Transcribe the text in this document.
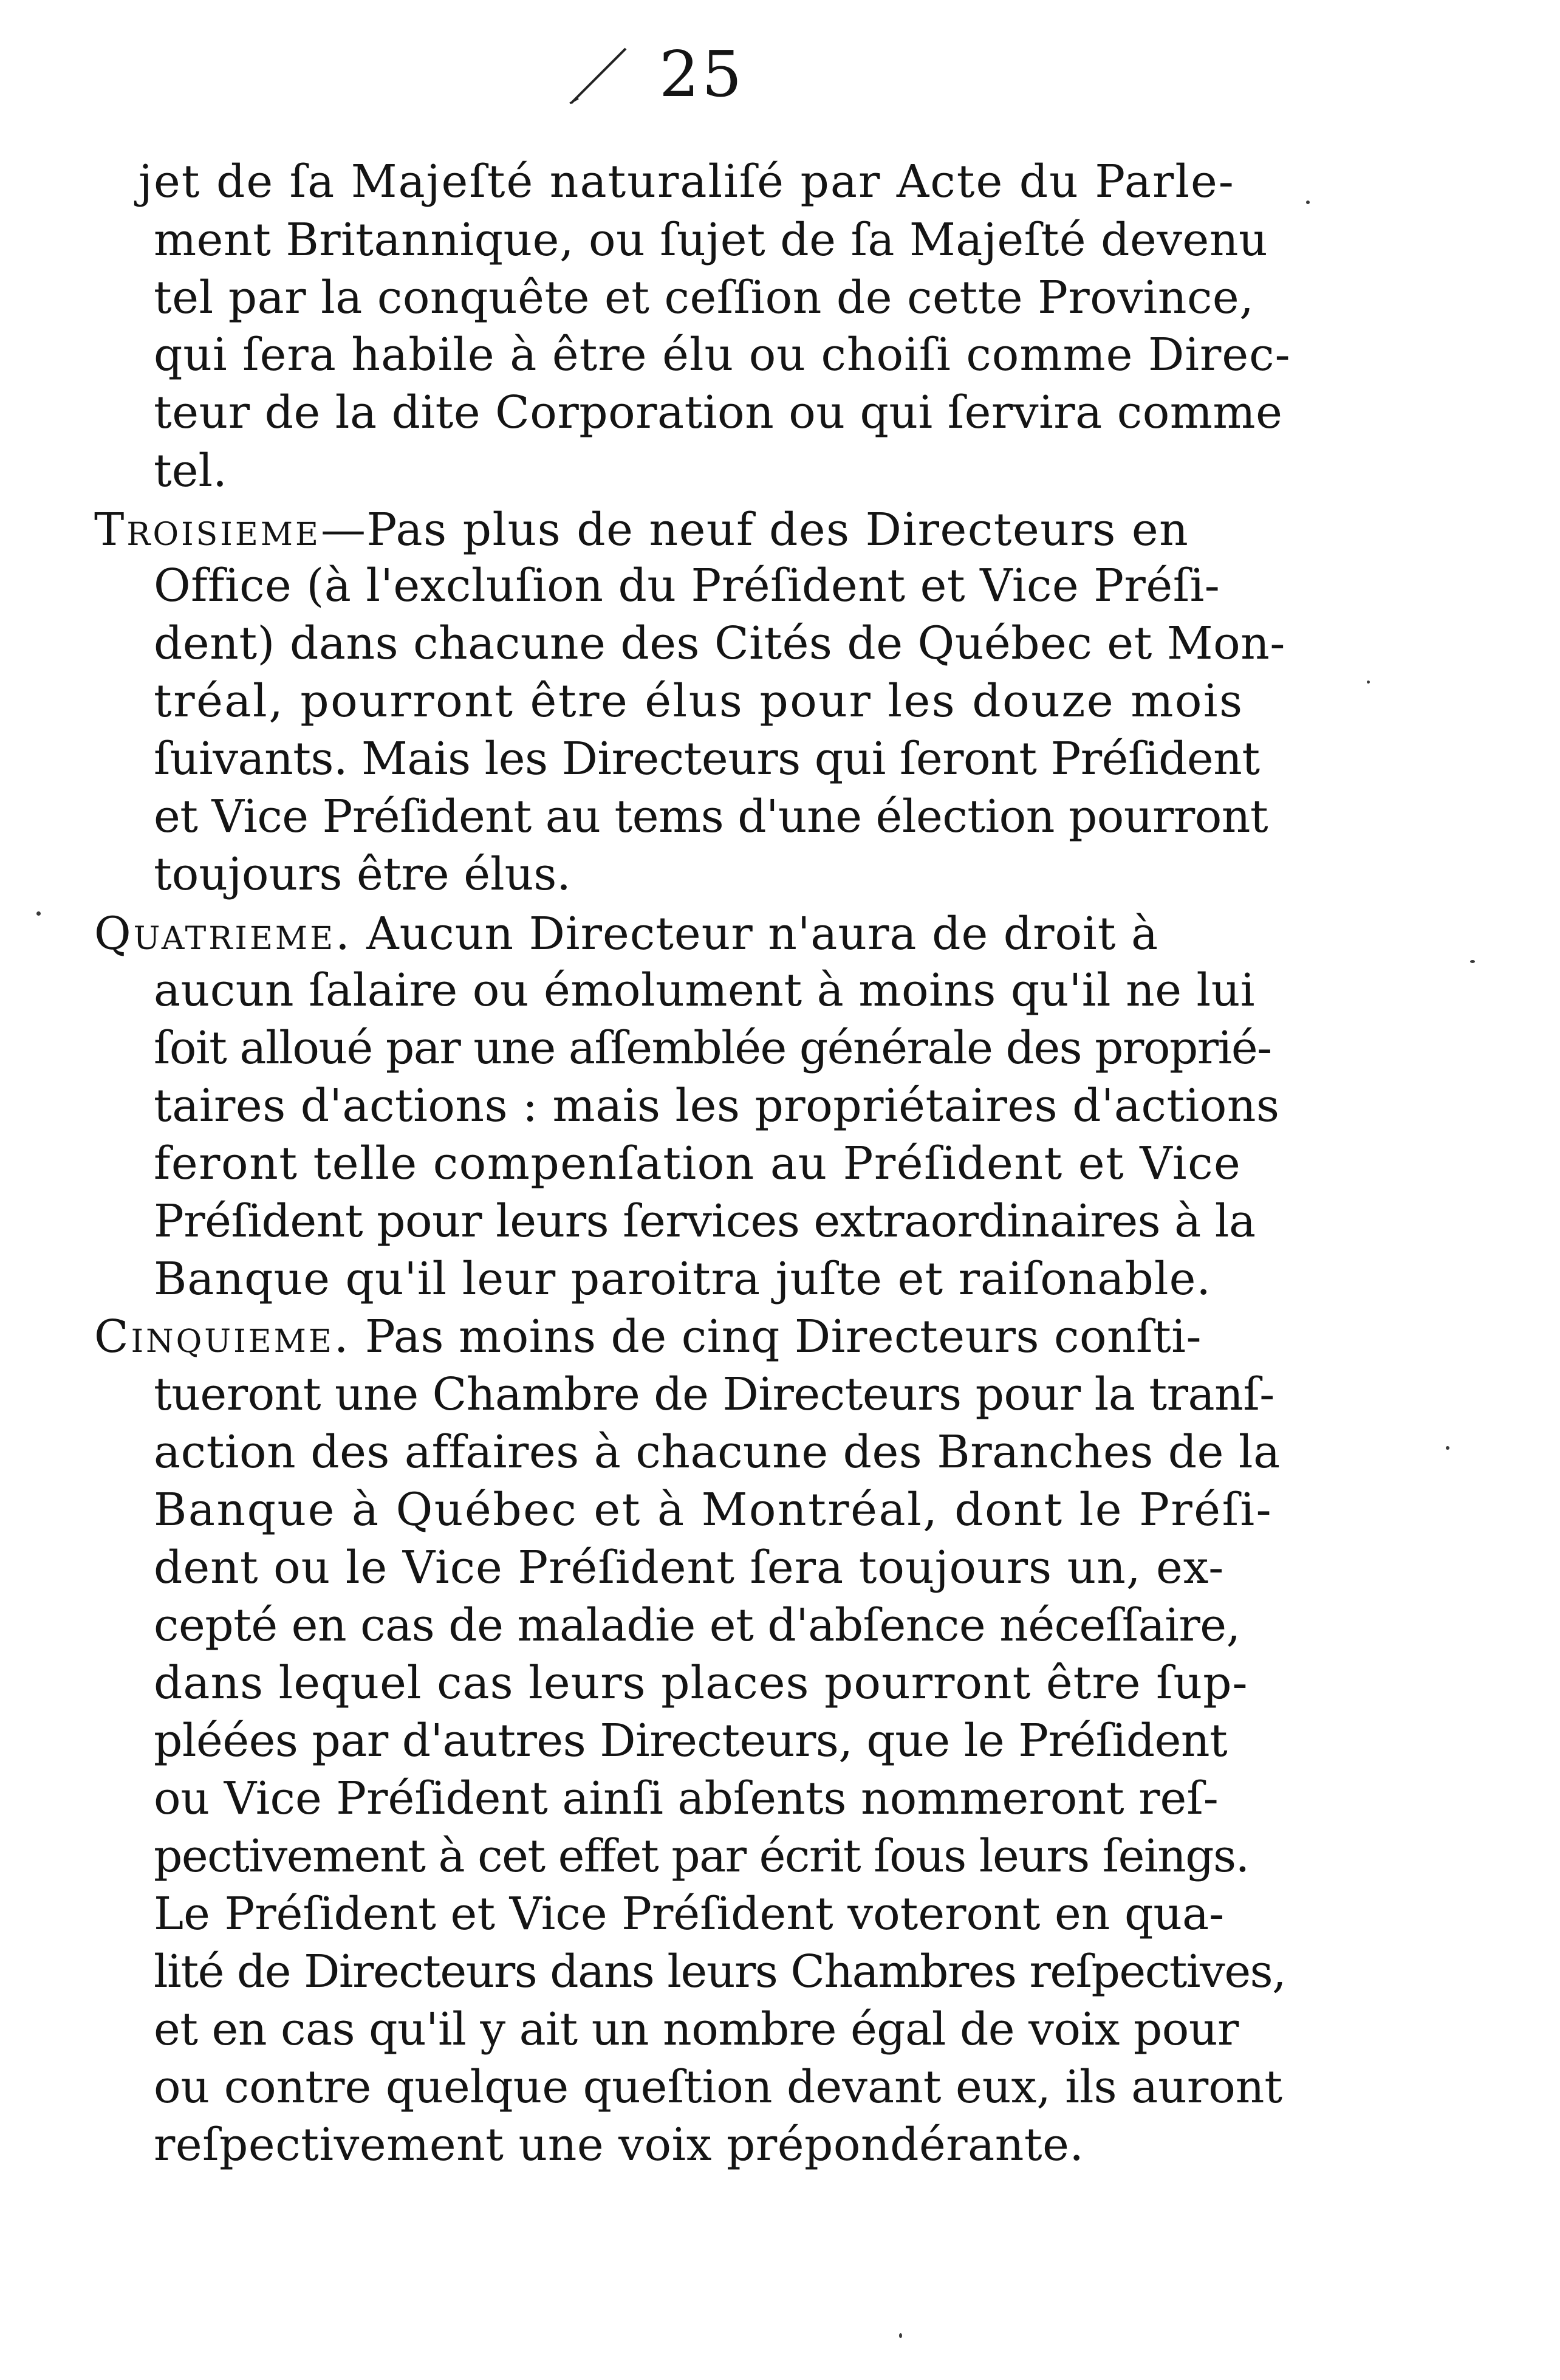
25
jet de ſa Majeſté naturaliſé par Acte du Parle-
ment Britannique, ou ſujet de ſa Majeſté devenu
tel par la conquête et ceſſion de cette Province,
qui ſera habile à être élu ou choiſi comme Direc-
teur de la dite Corporation ou qui ſervira comme
tel.
Troisieme—Pas plus de neuf des Directeurs en
Office (à l'excluſion du Préſident et Vice Préſi-
dent) dans chacune des Cités de Québec et Mon-
tréal, pourront être élus pour les douze mois
ſuivants. Mais les Directeurs qui ſeront Préſident
et Vice Préſident au tems d'une élection pourront
toujours être élus.
Quatrieme. Aucun Directeur n'aura de droit à
aucun ſalaire ou émolument à moins qu'il ne lui
ſoit alloué par une aſſemblée générale des proprié-
taires d'actions : mais les propriétaires d'actions
feront telle compenſation au Préſident et Vice
Préſident pour leurs ſervices extraordinaires à la
Banque qu'il leur paroitra juſte et raiſonable.
Cinquieme. Pas moins de cinq Directeurs conſti-
tueront une Chambre de Directeurs pour la tranſ-
action des affaires à chacune des Branches de la
Banque à Québec et à Montréal, dont le Préſi-
dent ou le Vice Préſident ſera toujours un, ex-
cepté en cas de maladie et d'abſence néceſſaire,
dans lequel cas leurs places pourront être ſup-
pléées par d'autres Directeurs, que le Préſident
ou Vice Préſident ainſi abſents nommeront reſ-
pectivement à cet effet par écrit ſous leurs ſeings.
Le Préſident et Vice Préſident voteront en qua-
lité de Directeurs dans leurs Chambres reſpectives,
et en cas qu'il y ait un nombre égal de voix pour
ou contre quelque queſtion devant eux, ils auront
reſpectivement une voix prépondérante.
